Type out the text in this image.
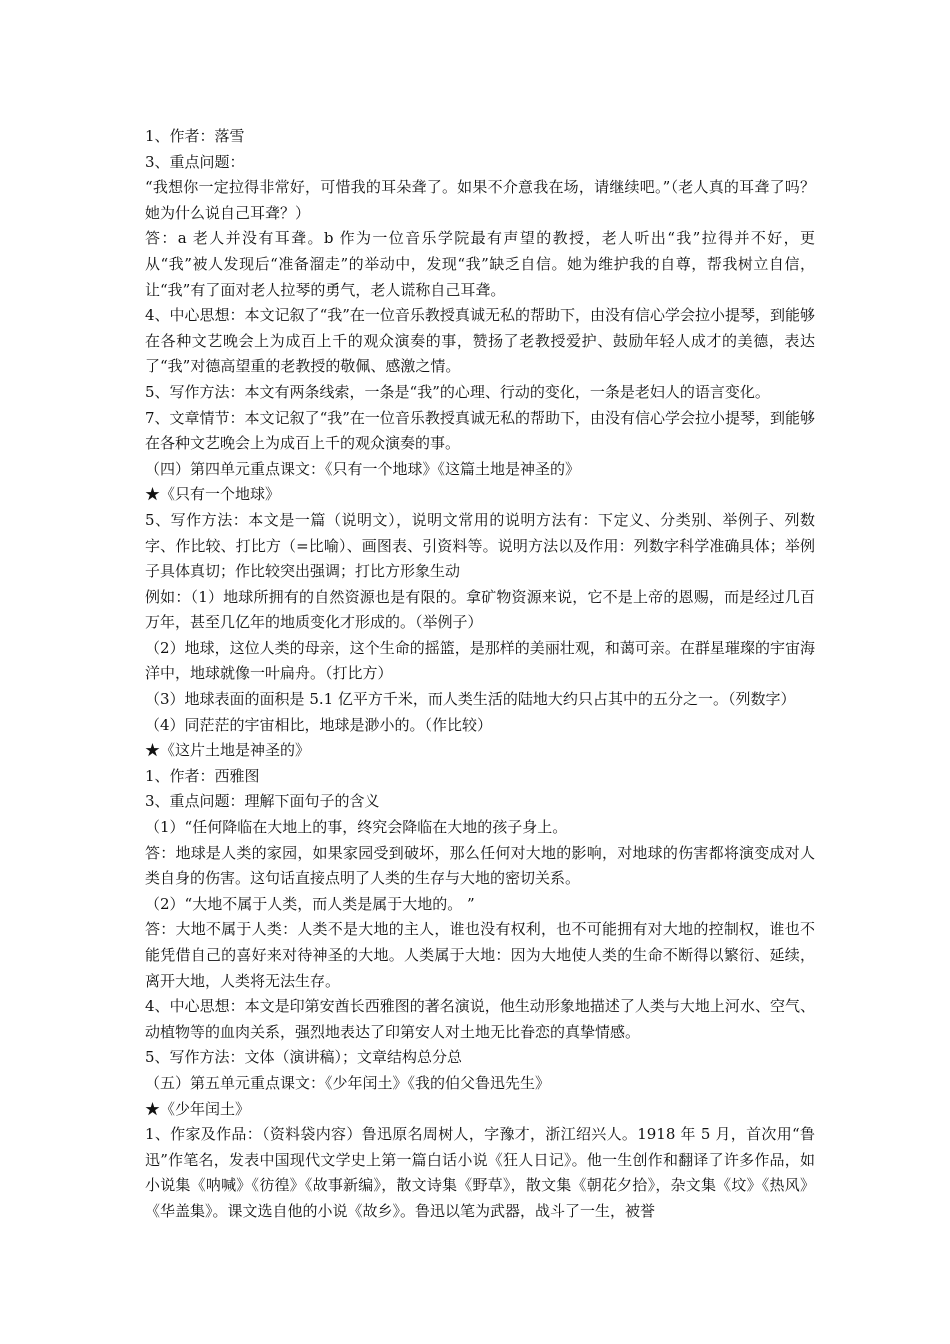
1、作者：落雪

3、重点问题：

“我想你一定拉得非常好，可惜我的耳朵聋了。如果不介意我在场，请继续吧。”（老人真的耳聋了吗？她为什么说自己耳聋？）

答：a 老人并没有耳聋。b 作为一位音乐学院最有声望的教授，老人听出“我”拉得并不好，更从“我”被人发现后“准备溜走”的举动中，发现“我”缺乏自信。她为维护我的自尊，帮我树立自信，让“我”有了面对老人拉琴的勇气，老人谎称自己耳聋。

4、中心思想：本文记叙了“我”在一位音乐教授真诚无私的帮助下，由没有信心学会拉小提琴，到能够在各种文艺晚会上为成百上千的观众演奏的事，赞扬了老教授爱护、鼓励年轻人成才的美德，表达了“我”对德高望重的老教授的敬佩、感激之情。

5、写作方法：本文有两条线索，一条是“我”的心理、行动的变化，一条是老妇人的语言变化。

7、文章情节：本文记叙了“我”在一位音乐教授真诚无私的帮助下，由没有信心学会拉小提琴，到能够在各种文艺晚会上为成百上千的观众演奏的事。

（四）第四单元重点课文：《只有一个地球》《这篇土地是神圣的》

★《只有一个地球》

5、写作方法：本文是一篇（说明文），说明文常用的说明方法有：下定义、分类别、举例子、列数字、作比较、打比方（=比喻）、画图表、引资料等。说明方法以及作用：列数字科学准确具体；举例子具体真切；作比较突出强调；打比方形象生动

例如：（1）地球所拥有的自然资源也是有限的。拿矿物资源来说，它不是上帝的恩赐，而是经过几百万年，甚至几亿年的地质变化才形成的。（举例子）

（2）地球，这位人类的母亲，这个生命的摇篮，是那样的美丽壮观，和蔼可亲。在群星璀璨的宇宙海洋中，地球就像一叶扁舟。（打比方）

（3）地球表面的面积是 5.1 亿平方千米，而人类生活的陆地大约只占其中的五分之一。（列数字）

（4）同茫茫的宇宙相比，地球是渺小的。（作比较）

★《这片土地是神圣的》

1、作者：西雅图

3、重点问题：理解下面句子的含义

（1）“任何降临在大地上的事，终究会降临在大地的孩子身上。

答：地球是人类的家园，如果家园受到破坏，那么任何对大地的影响，对地球的伤害都将演变成对人类自身的伤害。这句话直接点明了人类的生存与大地的密切关系。

（2）“大地不属于人类，而人类是属于大地的。 ”

答：大地不属于人类：人类不是大地的主人，谁也没有权利，也不可能拥有对大地的控制权，谁也不能凭借自己的喜好来对待神圣的大地。人类属于大地：因为大地使人类的生命不断得以繁衍、延续，离开大地，人类将无法生存。

4、中心思想：本文是印第安酋长西雅图的著名演说，他生动形象地描述了人类与大地上河水、空气、动植物等的血肉关系，强烈地表达了印第安人对土地无比眷恋的真挚情感。

5、写作方法：文体（演讲稿）；文章结构总分总

（五）第五单元重点课文：《少年闰土》《我的伯父鲁迅先生》

★《少年闰土》

1、作家及作品：（资料袋内容）鲁迅原名周树人，字豫才，浙江绍兴人。1918 年 5 月，首次用“鲁迅”作笔名，发表中国现代文学史上第一篇白话小说《狂人日记》。他一生创作和翻译了许多作品，如小说集《呐喊》《彷徨》《故事新编》，散文诗集《野草》，散文集《朝花夕拾》，杂文集《坟》《热风》《华盖集》。课文选自他的小说《故乡》。鲁迅以笔为武器，战斗了一生，被誉
